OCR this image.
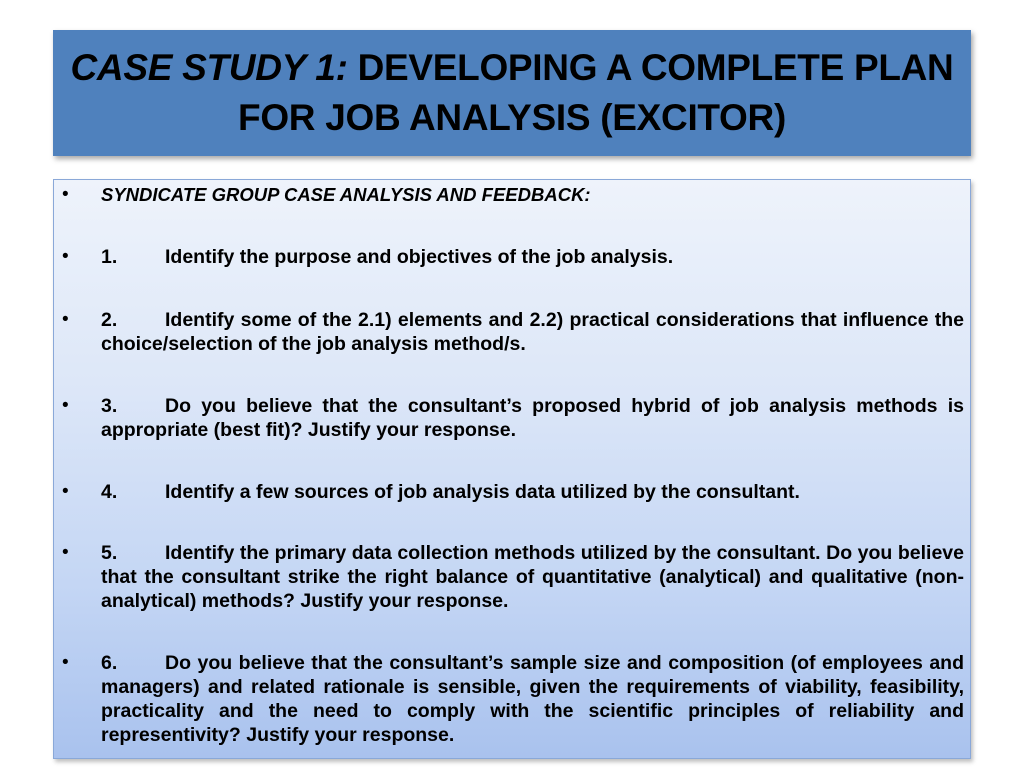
CASE STUDY 1: DEVELOPING A COMPLETE PLAN FOR JOB ANALYSIS (EXCITOR)
• SYNDICATE GROUP CASE ANALYSIS AND FEEDBACK:
• 1. Identify the purpose and objectives of the job analysis.
• 2. Identify some of the 2.1) elements and 2.2) practical considerations that influence the choice/selection of the job analysis method/s.
• 3. Do you believe that the consultant’s proposed hybrid of job analysis methods is appropriate (best fit)? Justify your response.
• 4. Identify a few sources of job analysis data utilized by the consultant.
• 5. Identify the primary data collection methods utilized by the consultant. Do you believe that the consultant strike the right balance of quantitative (analytical) and qualitative (non-analytical) methods? Justify your response.
• 6. Do you believe that the consultant’s sample size and composition (of employees and managers) and related rationale is sensible, given the requirements of viability, feasibility, practicality and the need to comply with the scientific principles of reliability and representivity? Justify your response.
